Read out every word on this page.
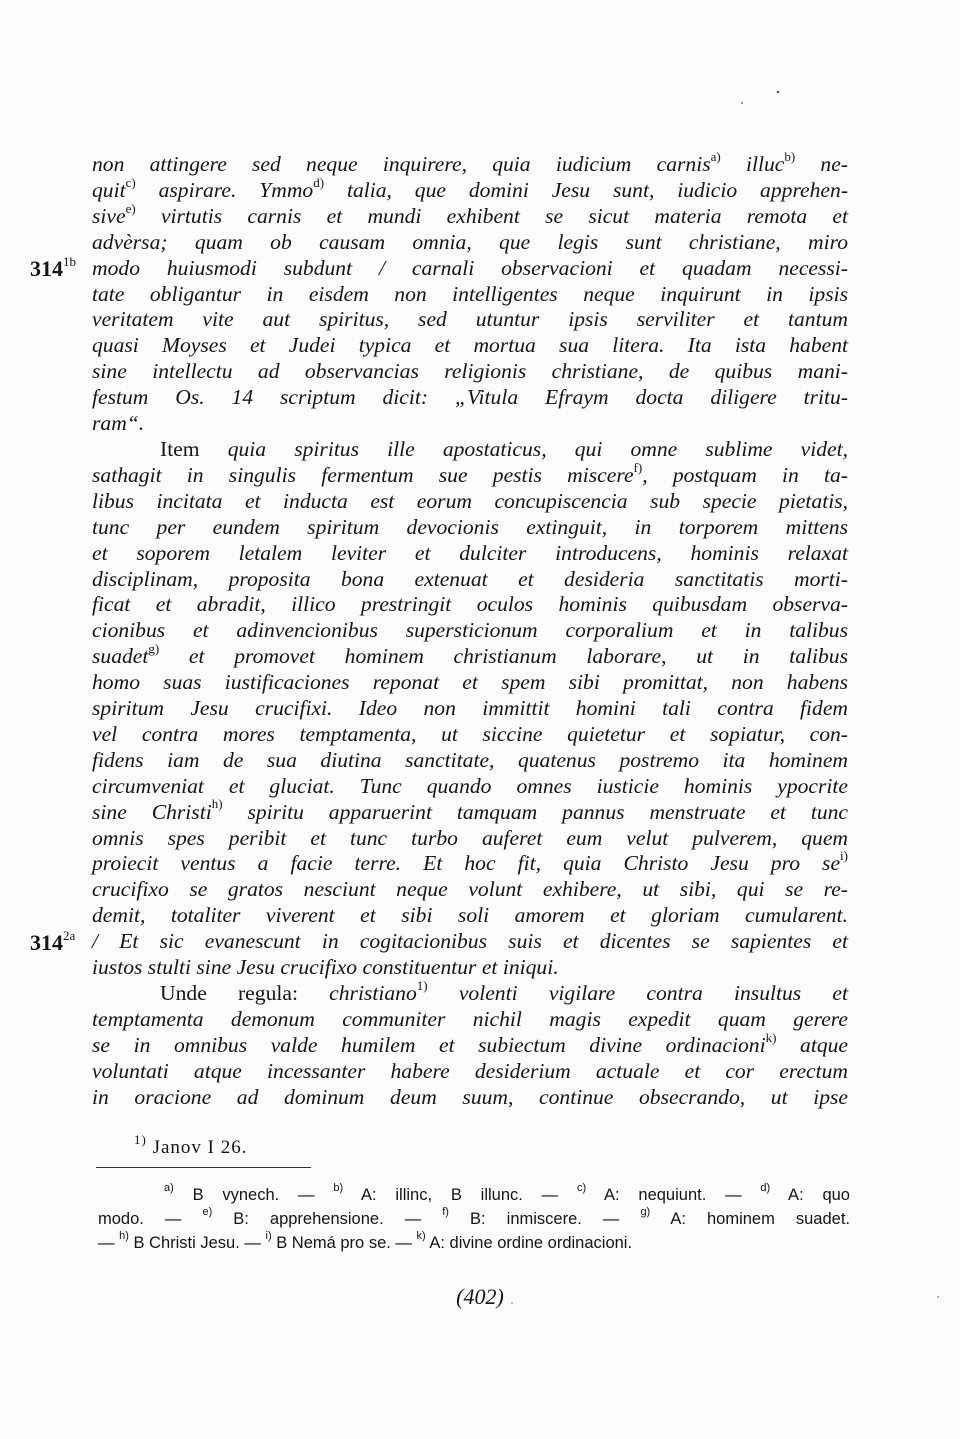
non attingere sed neque inquirere, quia iudicium carnis$^{a)}$ illuc$^{b)}$ ne-
quit$^{c)}$ aspirare. Ymmo$^{d)}$ talia, que domini Jesu sunt, iudicio apprehen-
sive$^{e)}$ virtutis carnis et mundi exhibent se sicut materia remota et
advèrsa; quam ob causam omnia, que legis sunt christiane, miro
modo huiusmodi subdunt / carnali observacioni et quadam necessi-
tate obligantur in eisdem non intelligentes neque inquirunt in ipsis
veritatem vite aut spiritus, sed utuntur ipsis serviliter et tantum
quasi Moyses et Judei typica et mortua sua litera. Ita ista habent
sine intellectu ad observancias religionis christiane, de quibus mani-
festum Os. 14 scriptum dicit: „Vitula Efraym docta diligere tritu-
ram“.
Item quia spiritus ille apostaticus, qui omne sublime videt,
sathagit in singulis fermentum sue pestis miscere$^{f)}$, postquam in ta-
libus incitata et inducta est eorum concupiscencia sub specie pietatis,
tunc per eundem spiritum devocionis extinguit, in torporem mittens
et soporem letalem leviter et dulciter introducens, hominis relaxat
disciplinam, proposita bona extenuat et desideria sanctitatis morti-
ficat et abradit, illico prestringit oculos hominis quibusdam observa-
cionibus et adinvencionibus supersticionum corporalium et in talibus
suadet$^{g)}$ et promovet hominem christianum laborare, ut in talibus
homo suas iustificaciones reponat et spem sibi promittat, non habens
spiritum Jesu crucifixi. Ideo non immittit homini tali contra fidem
vel contra mores temptamenta, ut siccine quietetur et sopiatur, con-
fidens iam de sua diutina sanctitate, quatenus postremo ita hominem
circumveniat et gluciat. Tunc quando omnes iusticie hominis ypocrite
sine Christi$^{h)}$ spiritu apparuerint tamquam pannus menstruate et tunc
omnis spes peribit et tunc turbo auferet eum velut pulverem, quem
proiecit ventus a facie terre. Et hoc fit, quia Christo Jesu pro $se^{i)}$
crucifixo se gratos nesciunt neque volunt exhibere, ut sibi, qui se re-
demit, totaliter viverent et sibi soli amorem et gloriam cumularent.
/ Et sic evanescunt in cogitacionibus suis et dicentes se sapientes et
iustos stulti sine Jesu crucifixo constituentur et iniqui.
Unde regula: christiano$^{1)}$ volenti vigilare contra insultus et
temptamenta demonum communiter nichil magis expedit quam gerere
se in omnibus valde humilem et subiectum divine ordinacioni$^{k)}$ atque
voluntati atque incessanter habere desiderium actuale et cor erectum
in oracione ad dominum deum suum, continue obsecrando, ut ipse
$314^{1b}$
$314^{2a}$
$^{1)}$ Janov I 26.
$^{a)}$ B vynech. — $^{b)}$ A: illinc, B illunc. — $^{c)}$ A: nequiunt. — $^{d)}$ A: quo
modo. — $^{e)}$ B: apprehensione. — $^{f)}$ B: inmiscere. — $^{g)}$ A: hominem suadet.
— $^{h)}$ B Christi Jesu. — $^{i)}$ B Nemá pro se. — $^{k)}$ A: divine ordine ordinacioni.
(402)
